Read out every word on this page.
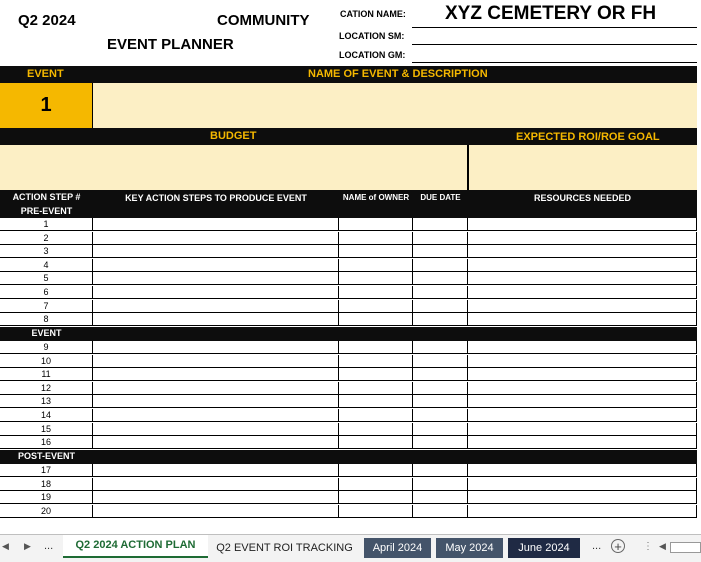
Q2 2024	COMMUNITY
EVENT PLANNER
CATION NAME: XYZ CEMETERY OR FH
LOCATION SM:
LOCATION GM:
EVENT	NAME OF EVENT & DESCRIPTION
1
BUDGET	EXPECTED ROI/ROE GOAL
ACTION STEP #	KEY ACTION STEPS TO PRODUCE EVENT	NAME of OWNER	DUE DATE	RESOURCES NEEDED
PRE-EVENT
1
2
3
4
5
6
7
8
EVENT
9
10
11
12
13
14
15
16
POST-EVENT
17
18
19
20
◀ ▶ ...	Q2 2024 ACTION PLAN	Q2 EVENT ROI TRACKING	April 2024	May 2024	June 2024	... +	⋮ ◀
